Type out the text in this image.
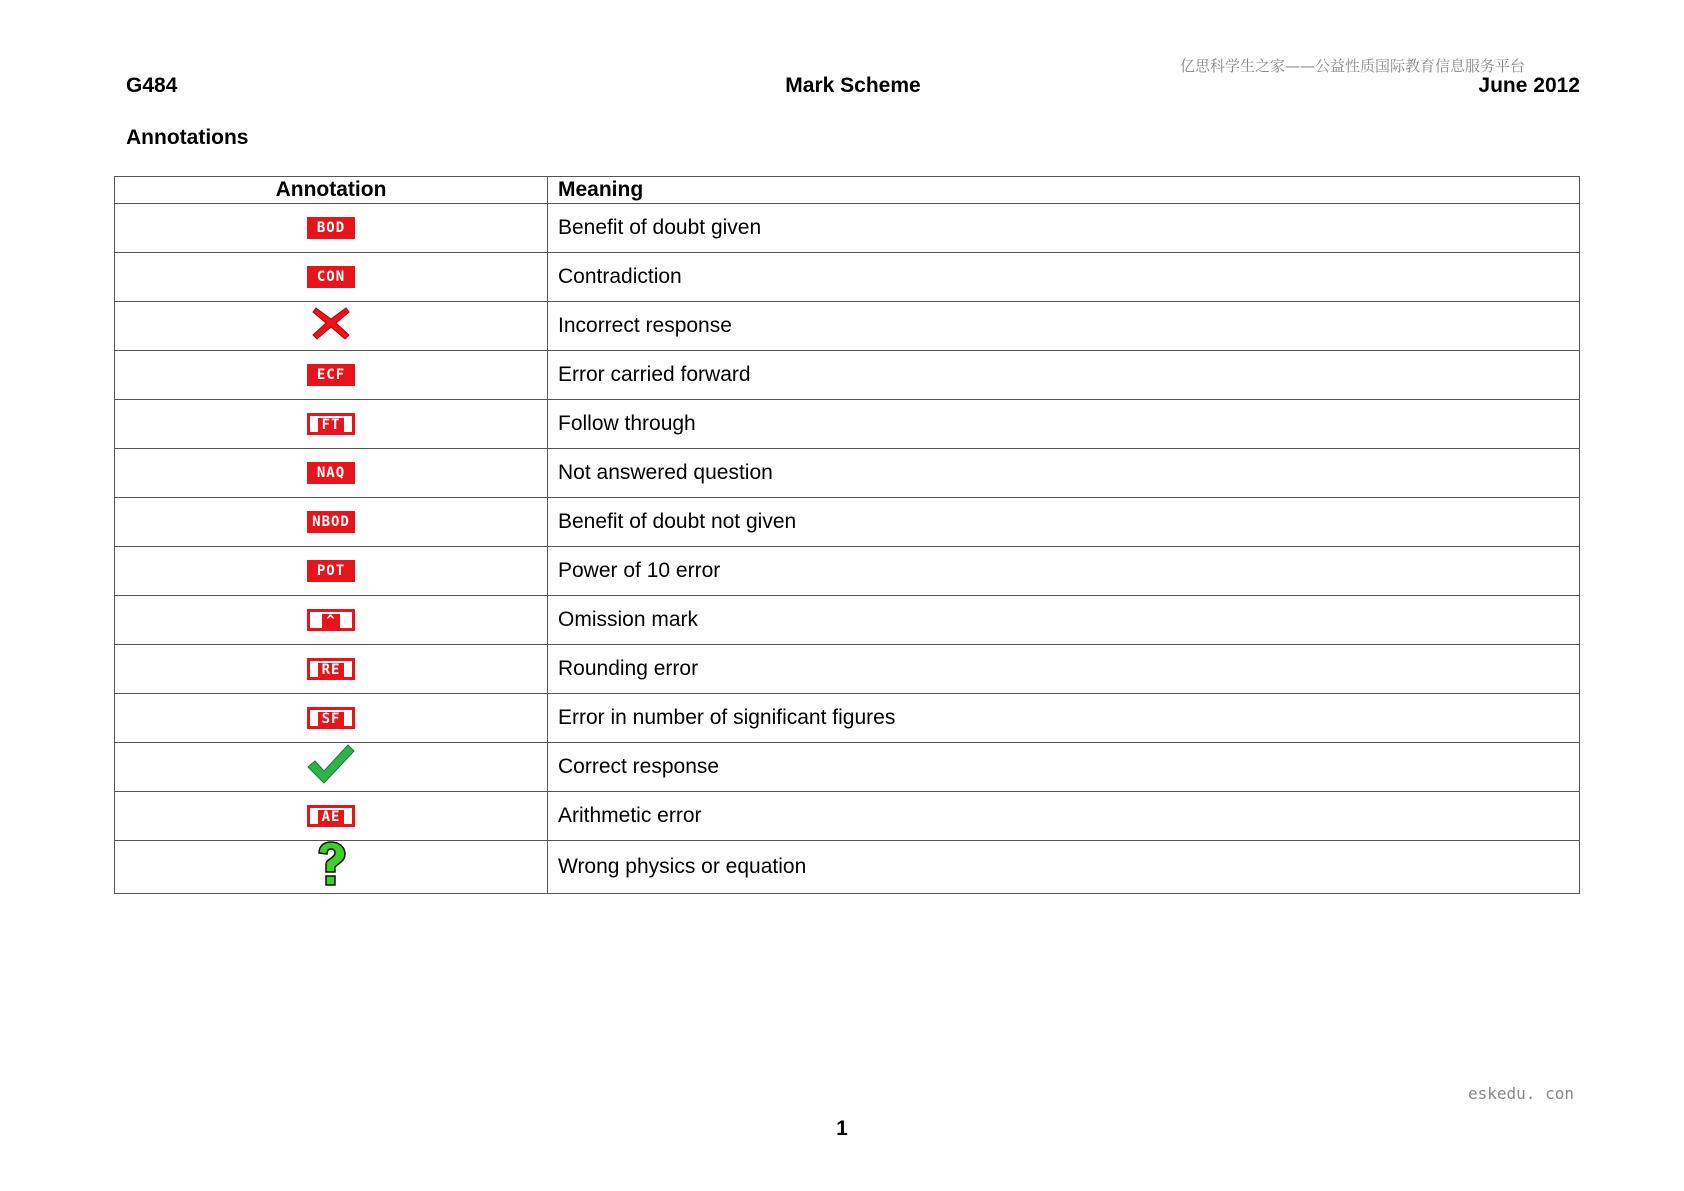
亿思科学生之家——公益性质国际教育信息服务平台
G484	Mark Scheme	June 2012
Annotations
Annotation	Meaning
BOD	Benefit of doubt given
CON	Contradiction
	Incorrect response
ECF	Error carried forward
FT	Follow through
NAQ	Not answered question
NBOD	Benefit of doubt not given
POT	Power of 10 error
^	Omission mark
RE	Rounding error
SF	Error in number of significant figures
	Correct response
AE	Arithmetic error
	Wrong physics or equation
1
eskedu. con
